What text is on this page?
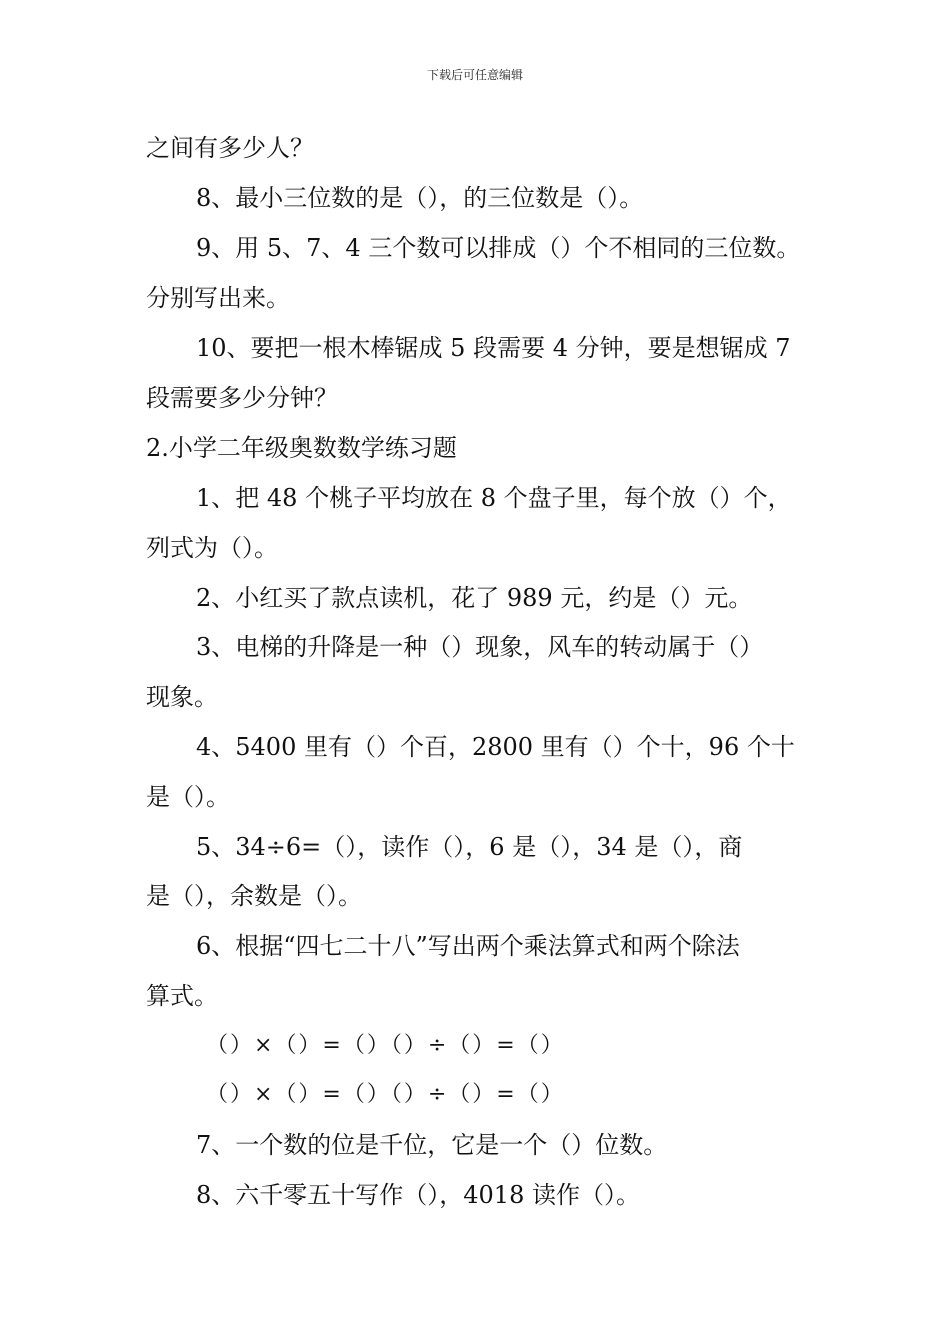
下载后可任意编辑
之间有多少人？
8、最小三位数的是（），的三位数是（）。
9、用 5、7、4 三个数可以排成（）个不相同的三位数。
分别写出来。
10、要把一根木棒锯成 5 段需要 4 分钟，要是想锯成 7
段需要多少分钟？
2.小学二年级奥数数学练习题
1、把 48 个桃子平均放在 8 个盘子里，每个放（）个，
列式为（）。
2、小红买了款点读机，花了 989 元，约是（）元。
3、电梯的升降是一种（）现象，风车的转动属于（）
现象。
4、5400 里有（）个百，2800 里有（）个十，96 个十
是（）。
5、34÷6=（），读作（），6 是（），34 是（），商
是（），余数是（）。
6、根据“四七二十八”写出两个乘法算式和两个除法
算式。
（）×（）=（）（）÷（）=（）
（）×（）=（）（）÷（）=（）
7、一个数的位是千位，它是一个（）位数。
8、六千零五十写作（），4018 读作（）。
